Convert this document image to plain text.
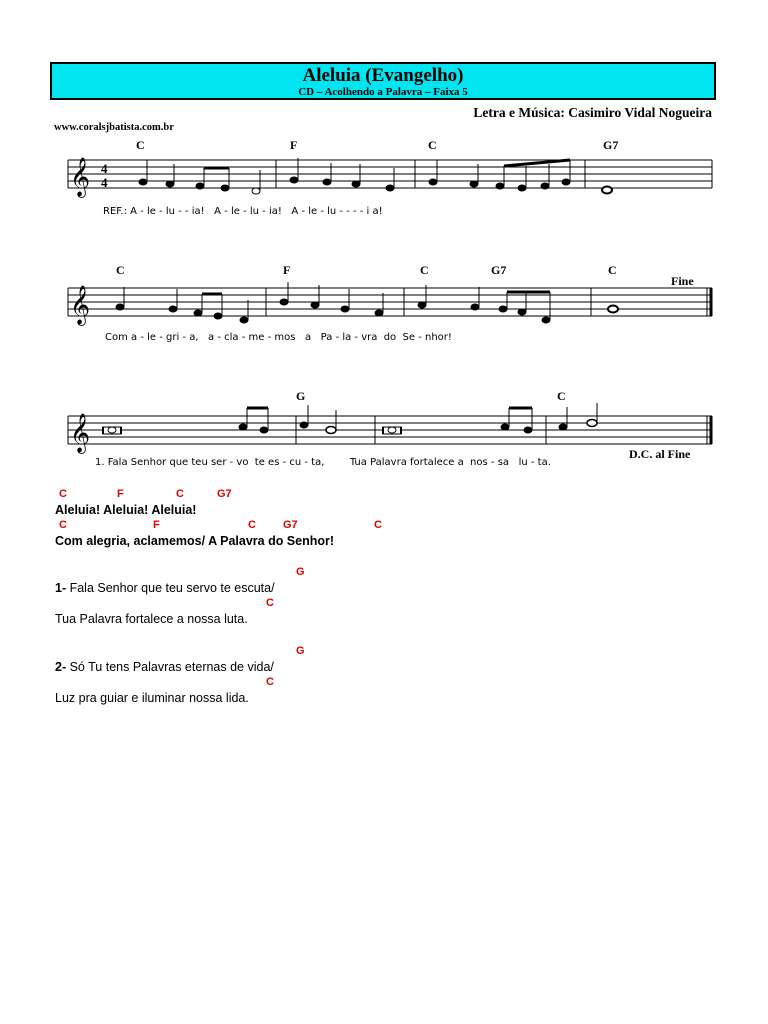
Aleluia (Evangelho)
CD – Acolhendo a Palavra – Faixa 5
Letra e Música: Casimiro Vidal Nogueira
www.coralsjbatista.com.br
𝄞 4
4
C	F	C	G7
REF.: A - le - lu - - ia!   A - le - lu - ia!   A - le - lu - - - - i a!
𝄞
C	F	C	G7	C
Fine
Com a - le - gri - a,   a - cla - me - mos   a   Pa - la - vra  do  Se - nhor!
𝄞
G	C
1. Fala Senhor que teu ser - vo  te es - cu - ta,        Tua Palavra fortalece a  nos - sa   lu - ta.
D.C. al Fine
C	F	C	G7
Aleluia! Aleluia! Aleluia!
C	F	C G7	C
Com alegria, aclamemos/ A Palavra do Senhor!
G
1- Fala Senhor que teu servo te escuta/
C
Tua Palavra fortalece a nossa luta.
G
2- Só Tu tens Palavras eternas de vida/
C
Luz pra guiar e iluminar nossa lida.
